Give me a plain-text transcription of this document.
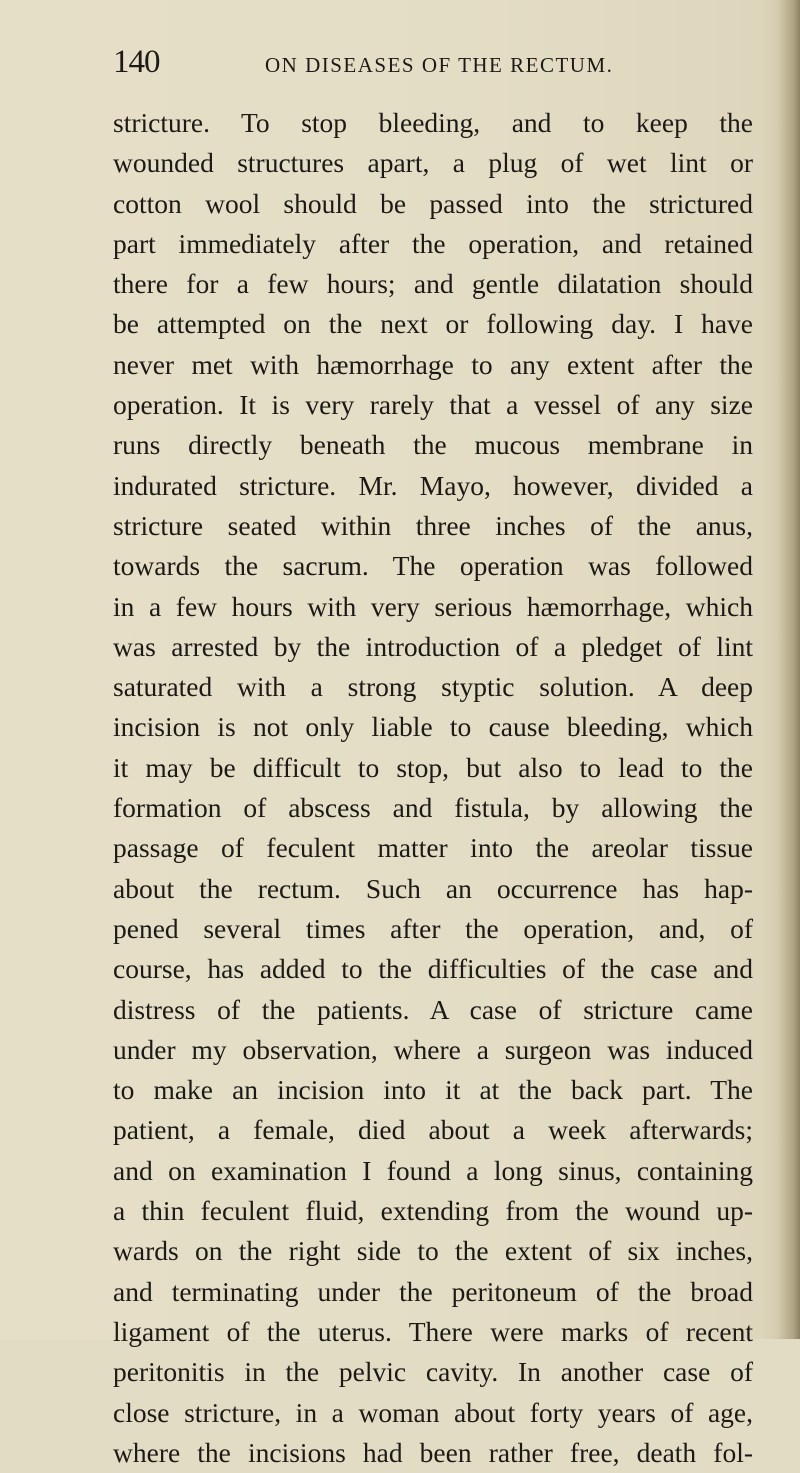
140	ON DISEASES OF THE RECTUM.
stricture. To stop bleeding, and to keep the
wounded structures apart, a plug of wet lint or
cotton wool should be passed into the strictured
part immediately after the operation, and retained
there for a few hours; and gentle dilatation should
be attempted on the next or following day. I have
never met with hæmorrhage to any extent after the
operation. It is very rarely that a vessel of any size
runs directly beneath the mucous membrane in
indurated stricture. Mr. Mayo, however, divided a
stricture seated within three inches of the anus,
towards the sacrum. The operation was followed
in a few hours with very serious hæmorrhage, which
was arrested by the introduction of a pledget of lint
saturated with a strong styptic solution. A deep
incision is not only liable to cause bleeding, which
it may be difficult to stop, but also to lead to the
formation of abscess and fistula, by allowing the
passage of feculent matter into the areolar tissue
about the rectum. Such an occurrence has hap-
pened several times after the operation, and, of
course, has added to the difficulties of the case and
distress of the patients. A case of stricture came
under my observation, where a surgeon was induced
to make an incision into it at the back part. The
patient, a female, died about a week afterwards;
and on examination I found a long sinus, containing
a thin feculent fluid, extending from the wound up-
wards on the right side to the extent of six inches,
and terminating under the peritoneum of the broad
ligament of the uterus. There were marks of recent
peritonitis in the pelvic cavity. In another case of
close stricture, in a woman about forty years of age,
where the incisions had been rather free, death fol-
